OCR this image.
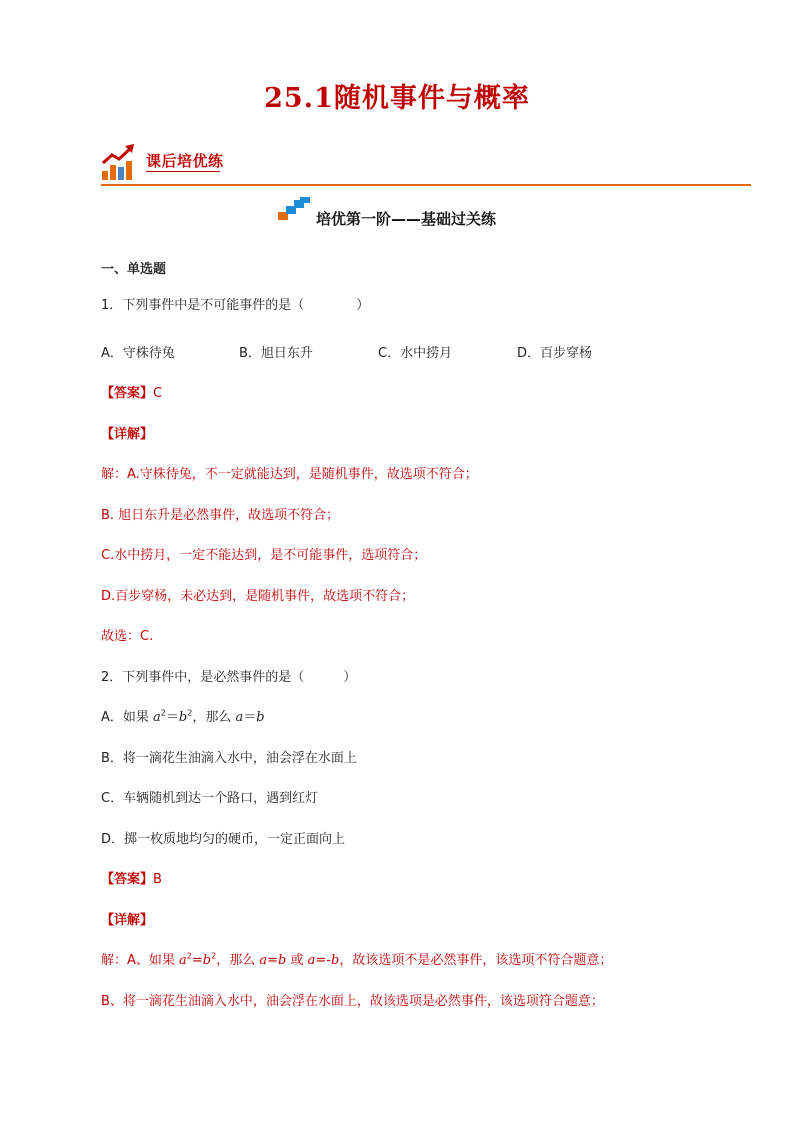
25.1随机事件与概率
课后培优练
培优第一阶——基础过关练
一、单选题
1．下列事件中是不可能事件的是（　　　　）
A．守株待兔	B．旭日东升	C．水中捞月	D．百步穿杨
【答案】C
【详解】
解：A.守株待兔，不一定就能达到，是随机事件，故选项不符合；
B. 旭日东升是必然事件，故选项不符合；
C.水中捞月，一定不能达到，是不可能事件，选项符合；
D.百步穿杨，未必达到，是随机事件，故选项不符合；
故选：C.
2．下列事件中，是必然事件的是（　　　）
A．如果 $a^2=b^2$，那么 a＝b
B．将一滴花生油滴入水中，油会浮在水面上
C．车辆随机到达一个路口，遇到红灯
D．掷一枚质地均匀的硬币，一定正面向上
【答案】B
【详解】
解：A、如果 $a^2=b^2$，那么 a=b 或 a=-b，故该选项不是必然事件，该选项不符合题意；
B、将一滴花生油滴入水中，油会浮在水面上，故该选项是必然事件，该选项符合题意；
